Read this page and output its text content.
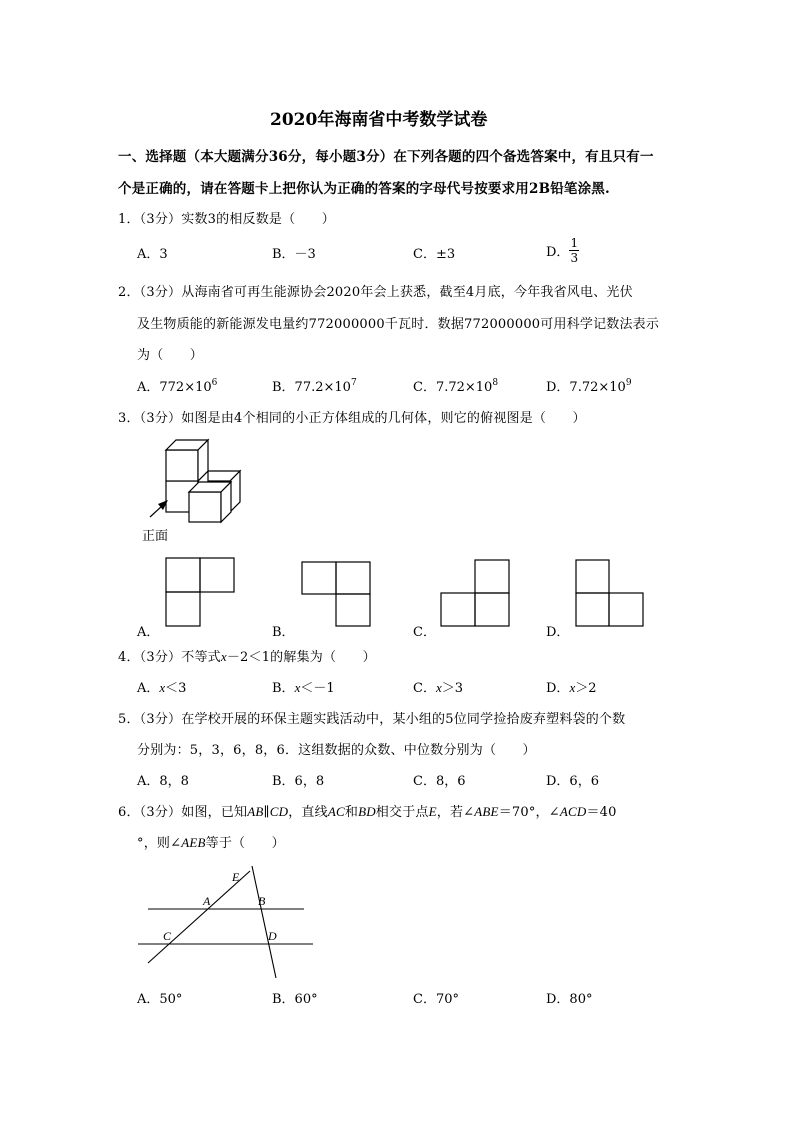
2020年海南省中考数学试卷
一、选择题（本大题满分36分，每小题3分）在下列各题的四个备选答案中，有且只有一
个是正确的，请在答题卡上把你认为正确的答案的字母代号按要求用2B铅笔涂黑.
1．（3分）实数3的相反数是（　　）
A．3	B．－3	C．±3	D． $\frac{1}{3}$
2．（3分）从海南省可再生能源协会2020年会上获悉，截至4月底，今年我省风电、光伏
及生物质能的新能源发电量约772000000千瓦时．数据772000000可用科学记数法表示
为（　　）
A．$772\times 10^6$	B．$77.2\times 10^7$	C．$7.72\times 10^8$	D．$7.72\times 10^9$
3．（3分）如图是由4个相同的小正方体组成的几何体，则它的俯视图是（　　）
正面
A．	B．	C．	D．
4．（3分）不等式x－2＜1的解集为（　　）
A．x＜3	B．x＜－1	C．x＞3	D．x＞2
5．（3分）在学校开展的环保主题实践活动中，某小组的5位同学捡拾废弃塑料袋的个数
分别为：5，3，6，8，6．这组数据的众数、中位数分别为（　　）
A．8，8	B．6，8	C．8，6	D．6，6
6．（3分）如图，已知AB∥CD，直线AC和BD相交于点E，若∠ABE＝70°，∠ACD＝40
°，则∠AEB等于（　　）
E
A	B
C	D
A．50°	B．60°	C．70°	D．80°
